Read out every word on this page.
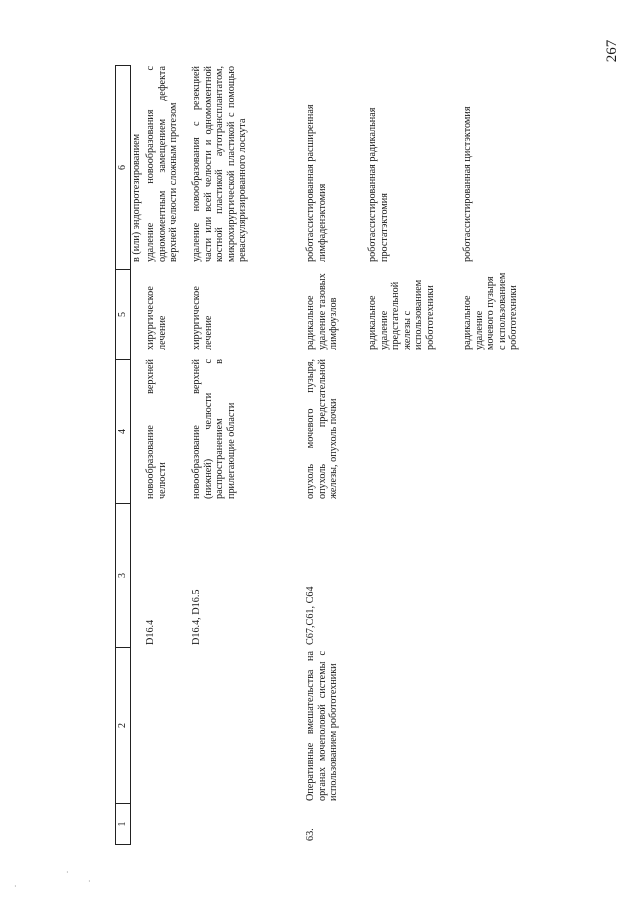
267
1
2
3
4
5
6 в (или) эндопротезированием
D16.4
новообразование верхней челюсти
хирургическое лечение
удаление новообразования с одномоментным замещением дефекта верхней челюсти сложным протезом
D16.4, D16.5
новообразование верхней (нижней) челюсти с распространением в прилегающие области
хирургическое лечение
удаление новообразования с резекцией части или всей челюсти и одномоментной костной пластикой аутотрансплантатом, микрохирургической пластикой с помощью реваскуляризированного лоскута
63.
Оперативные вмешательства на органах мочеполовой системы с использованием робототехники
C67,C61, C64
опухоль мочевого пузыря, опухоль предстательной железы, опухоль почки
радикальное удаление тазовых лимфоузлов
роботассистированная расширенная лимфаденэктомия
радикальное удаление предстательной железы с использованием робототехники
роботассистированная радикальная простатэктомия
радикальное удаление мочевого пузыря с использованием робототехники
роботассистированная цистэктомия
·
·
·
